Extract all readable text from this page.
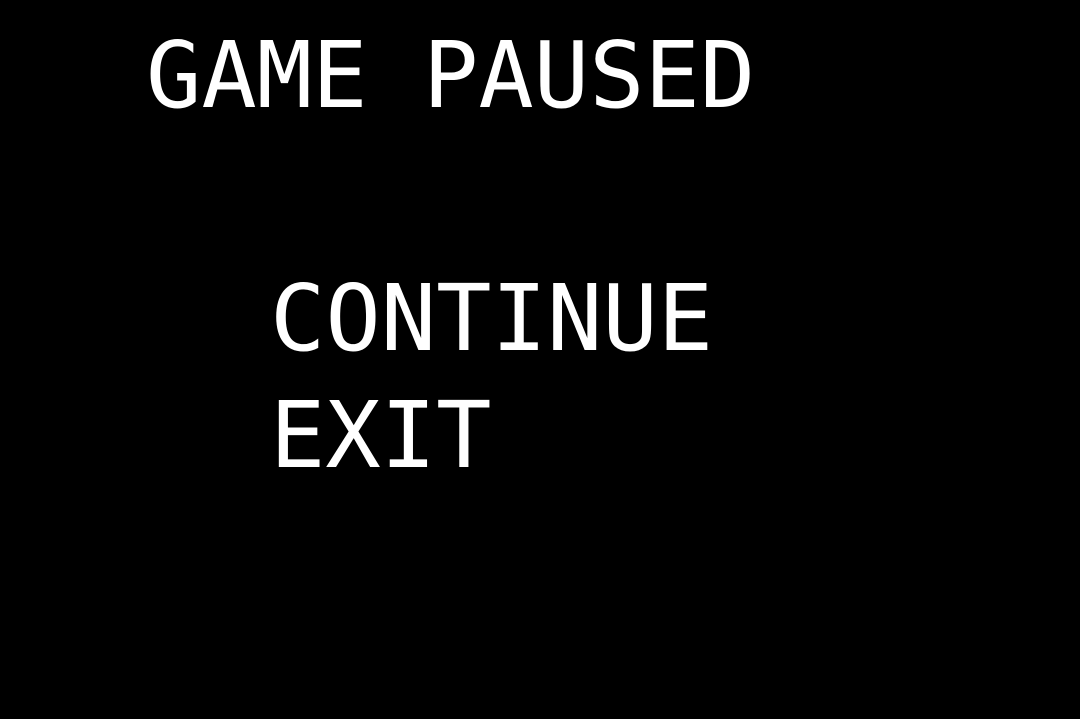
GAME PAUSED
CONTINUE
EXIT
